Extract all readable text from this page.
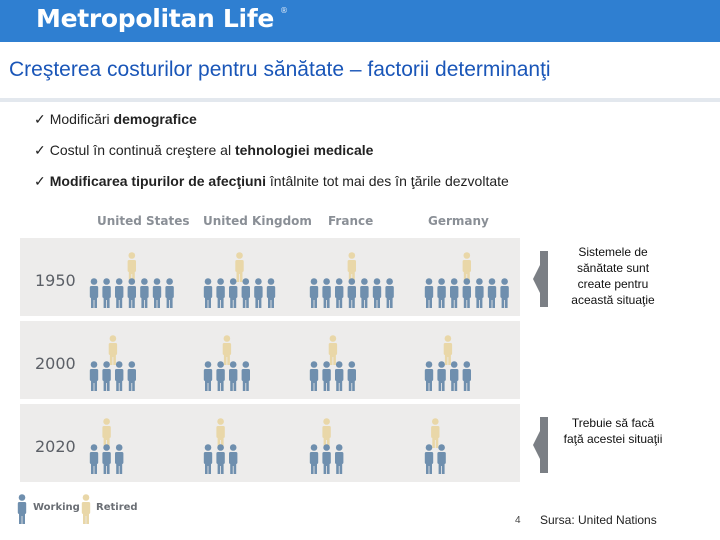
Metropolitan Life ®
Creşterea costurilor pentru sănătate – factorii determinanţi
✓ Modificări demografice
✓ Costul în continuă creştere al tehnologiei medicale
✓ Modificarea tipurilor de afecţiuni întâlnite tot mai des în ţările dezvoltate
United States United Kingdom France	Germany
1950
2000
2020
Sistemele de sănătate sunt create pentru această situaţie
Trebuie să facă faţă acestei situaţii
Working Retired
4 Sursa: United Nations
